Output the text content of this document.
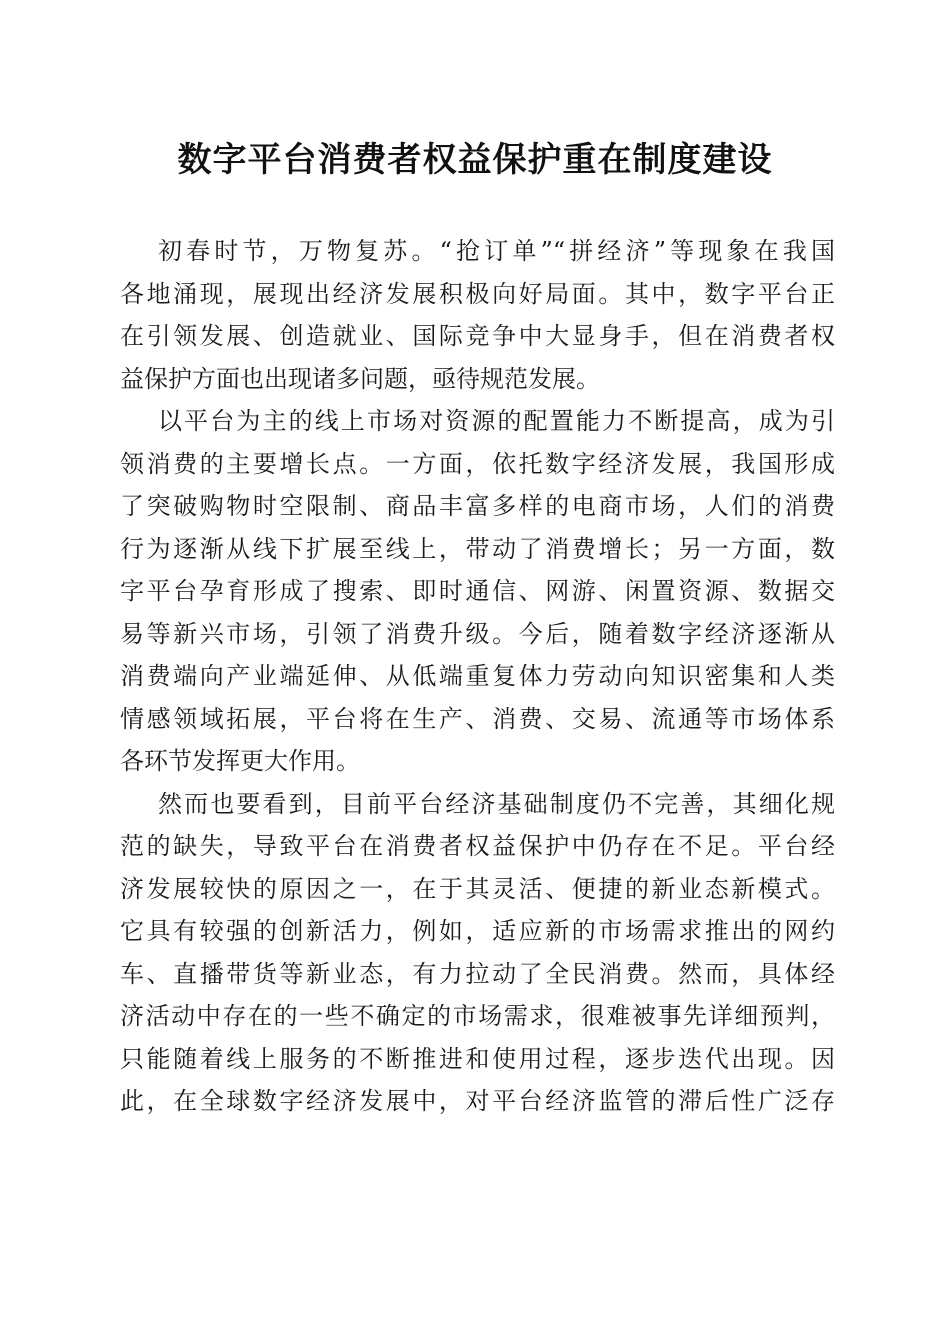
数字平台消费者权益保护重在制度建设
初春时节，万物复苏。“抢订单”“拼经济”等现象在我国
各地涌现，展现出经济发展积极向好局面。其中，数字平台正
在引领发展、创造就业、国际竞争中大显身手，但在消费者权
益保护方面也出现诸多问题，亟待规范发展。
以平台为主的线上市场对资源的配置能力不断提高，成为引
领消费的主要增长点。一方面，依托数字经济发展，我国形成
了突破购物时空限制、商品丰富多样的电商市场，人们的消费
行为逐渐从线下扩展至线上，带动了消费增长；另一方面，数
字平台孕育形成了搜索、即时通信、网游、闲置资源、数据交
易等新兴市场，引领了消费升级。今后，随着数字经济逐渐从
消费端向产业端延伸、从低端重复体力劳动向知识密集和人类
情感领域拓展，平台将在生产、消费、交易、流通等市场体系
各环节发挥更大作用。
然而也要看到，目前平台经济基础制度仍不完善，其细化规
范的缺失，导致平台在消费者权益保护中仍存在不足。平台经
济发展较快的原因之一，在于其灵活、便捷的新业态新模式。
它具有较强的创新活力，例如，适应新的市场需求推出的网约
车、直播带货等新业态，有力拉动了全民消费。然而，具体经
济活动中存在的一些不确定的市场需求，很难被事先详细预判，
只能随着线上服务的不断推进和使用过程，逐步迭代出现。因
此，在全球数字经济发展中，对平台经济监管的滞后性广泛存
